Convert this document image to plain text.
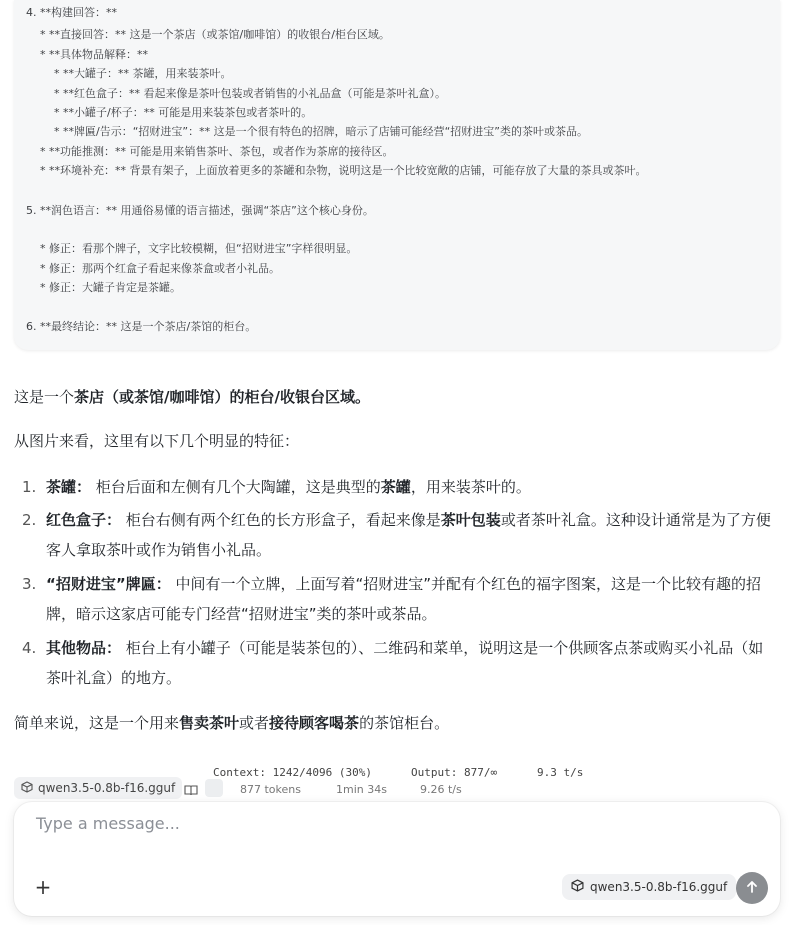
4. **构建回答：**
* **直接回答：** 这是一个茶店（或茶馆/咖啡馆）的收银台/柜台区域。
* **具体物品解释：**
* **大罐子：** 茶罐，用来装茶叶。
* **红色盒子：** 看起来像是茶叶包装或者销售的小礼品盒（可能是茶叶礼盒）。
* **小罐子/杯子：** 可能是用来装茶包或者茶叶的。
* **牌匾/告示：“招财进宝”：** 这是一个很有特色的招牌，暗示了店铺可能经营“招财进宝”类的茶叶或茶品。
* **功能推测：** 可能是用来销售茶叶、茶包，或者作为茶席的接待区。
* **环境补充：** 背景有架子，上面放着更多的茶罐和杂物，说明这是一个比较宽敞的店铺，可能存放了大量的茶具或茶叶。
5. **润色语言：** 用通俗易懂的语言描述，强调“茶店”这个核心身份。
* 修正：看那个牌子，文字比较模糊，但“招财进宝”字样很明显。
* 修正：那两个红盒子看起来像茶盒或者小礼品。
* 修正：大罐子肯定是茶罐。
6. **最终结论：** 这是一个茶店/茶馆的柜台。

这是一个茶店（或茶馆/咖啡馆）的柜台/收银台区域。

从图片来看，这里有以下几个明显的特征：

1. 茶罐： 柜台后面和左侧有几个大陶罐，这是典型的茶罐，用来装茶叶的。
2. 红色盒子： 柜台右侧有两个红色的长方形盒子，看起来像是茶叶包装或者茶叶礼盒。这种设计通常是为了方便客人拿取茶叶或作为销售小礼品。
3. “招财进宝”牌匾： 中间有一个立牌，上面写着“招财进宝”并配有个红色的福字图案，这是一个比较有趣的招牌，暗示这家店可能专门经营“招财进宝”类的茶叶或茶品。
4. 其他物品： 柜台上有小罐子（可能是装茶包的）、二维码和菜单，说明这是一个供顾客点茶或购买小礼品（如茶叶礼盒）的地方。

简单来说，这是一个用来售卖茶叶或者接待顾客喝茶的茶馆柜台。

Context: 1242/4096 (30%)	Output: 877/∞	9.3 t/s
qwen3.5-0.8b-f16.gguf	877 tokens	1min 34s	9.26 t/s
Type a message...
+	qwen3.5-0.8b-f16.gguf
